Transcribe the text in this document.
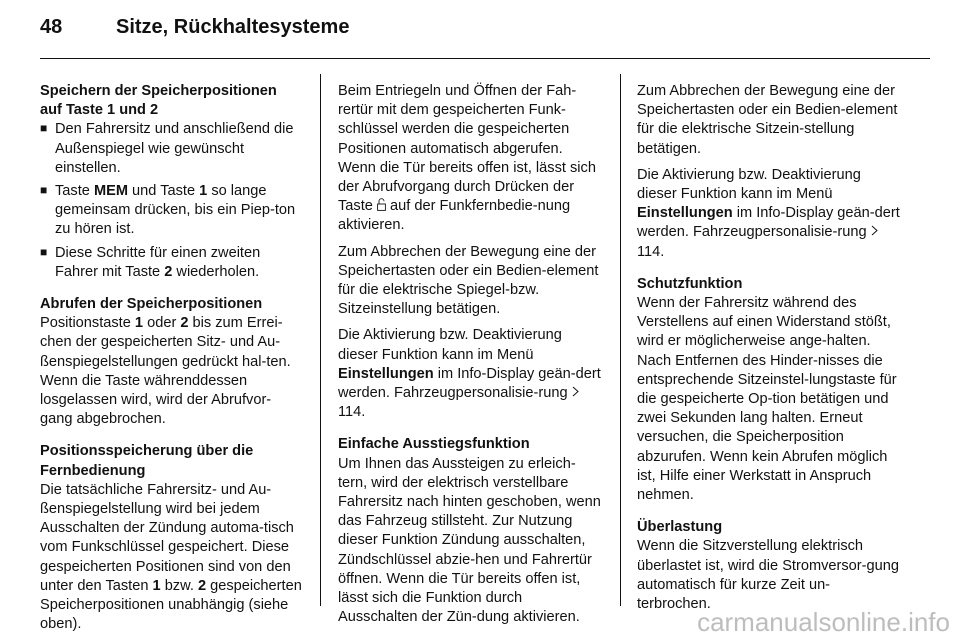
48	Sitze, Rückhaltesysteme

Speichern der Speicherpositionen auf Taste 1 und 2

■ Den Fahrersitz und anschließend die Außenspiegel wie gewünscht einstellen.
■ Taste MEM und Taste 1 so lange gemeinsam drücken, bis ein Piep-ton zu hören ist.
■ Diese Schritte für einen zweiten Fahrer mit Taste 2 wiederholen.

Abrufen der Speicherpositionen

Positionstaste 1 oder 2 bis zum Errei-chen der gespeicherten Sitz- und Au-ßenspiegelstellungen gedrückt hal-ten. Wenn die Taste währenddessen losgelassen wird, wird der Abrufvor-gang abgebrochen.

Positionsspeicherung über die Fernbedienung

Die tatsächliche Fahrersitz- und Au-ßenspiegelstellung wird bei jedem Ausschalten der Zündung automa-tisch vom Funkschlüssel gespeichert. Diese gespeicherten Positionen sind von den unter den Tasten 1 bzw. 2 gespeicherten Speicherpositionen unabhängig (siehe oben).

Beim Entriegeln und Öffnen der Fah-rertür mit dem gespeicherten Funk-schlüssel werden die gespeicherten Positionen automatisch abgerufen. Wenn die Tür bereits offen ist, lässt sich der Abrufvorgang durch Drücken der Taste  auf der Funkfernbedie-nung aktivieren.

Zum Abbrechen der Bewegung eine der Speichertasten oder ein Bedien-element für die elektrische Spiegel-bzw. Sitzeinstellung betätigen.

Die Aktivierung bzw. Deaktivierung dieser Funktion kann im Menü Einstellungen im Info-Display geän-dert werden. Fahrzeugpersonalisie-rung  114.

Einfache Ausstiegsfunktion

Um Ihnen das Aussteigen zu erleich-tern, wird der elektrisch verstellbare Fahrersitz nach hinten geschoben, wenn das Fahrzeug stillsteht. Zur Nutzung dieser Funktion Zündung ausschalten, Zündschlüssel abzie-hen und Fahrertür öffnen. Wenn die Tür bereits offen ist, lässt sich die Funktion durch Ausschalten der Zün-dung aktivieren.

Zum Abbrechen der Bewegung eine der Speichertasten oder ein Bedien-element für die elektrische Sitzein-stellung betätigen.

Die Aktivierung bzw. Deaktivierung dieser Funktion kann im Menü Einstellungen im Info-Display geän-dert werden. Fahrzeugpersonalisie-rung  114.

Schutzfunktion

Wenn der Fahrersitz während des Verstellens auf einen Widerstand stößt, wird er möglicherweise ange-halten. Nach Entfernen des Hinder-nisses die entsprechende Sitzeinstel-lungstaste für die gespeicherte Op-tion betätigen und zwei Sekunden lang halten. Erneut versuchen, die Speicherposition abzurufen. Wenn kein Abrufen möglich ist, Hilfe einer Werkstatt in Anspruch nehmen.

Überlastung

Wenn die Sitzverstellung elektrisch überlastet ist, wird die Stromversor-gung automatisch für kurze Zeit un-terbrochen.

carmanualsonline.info
